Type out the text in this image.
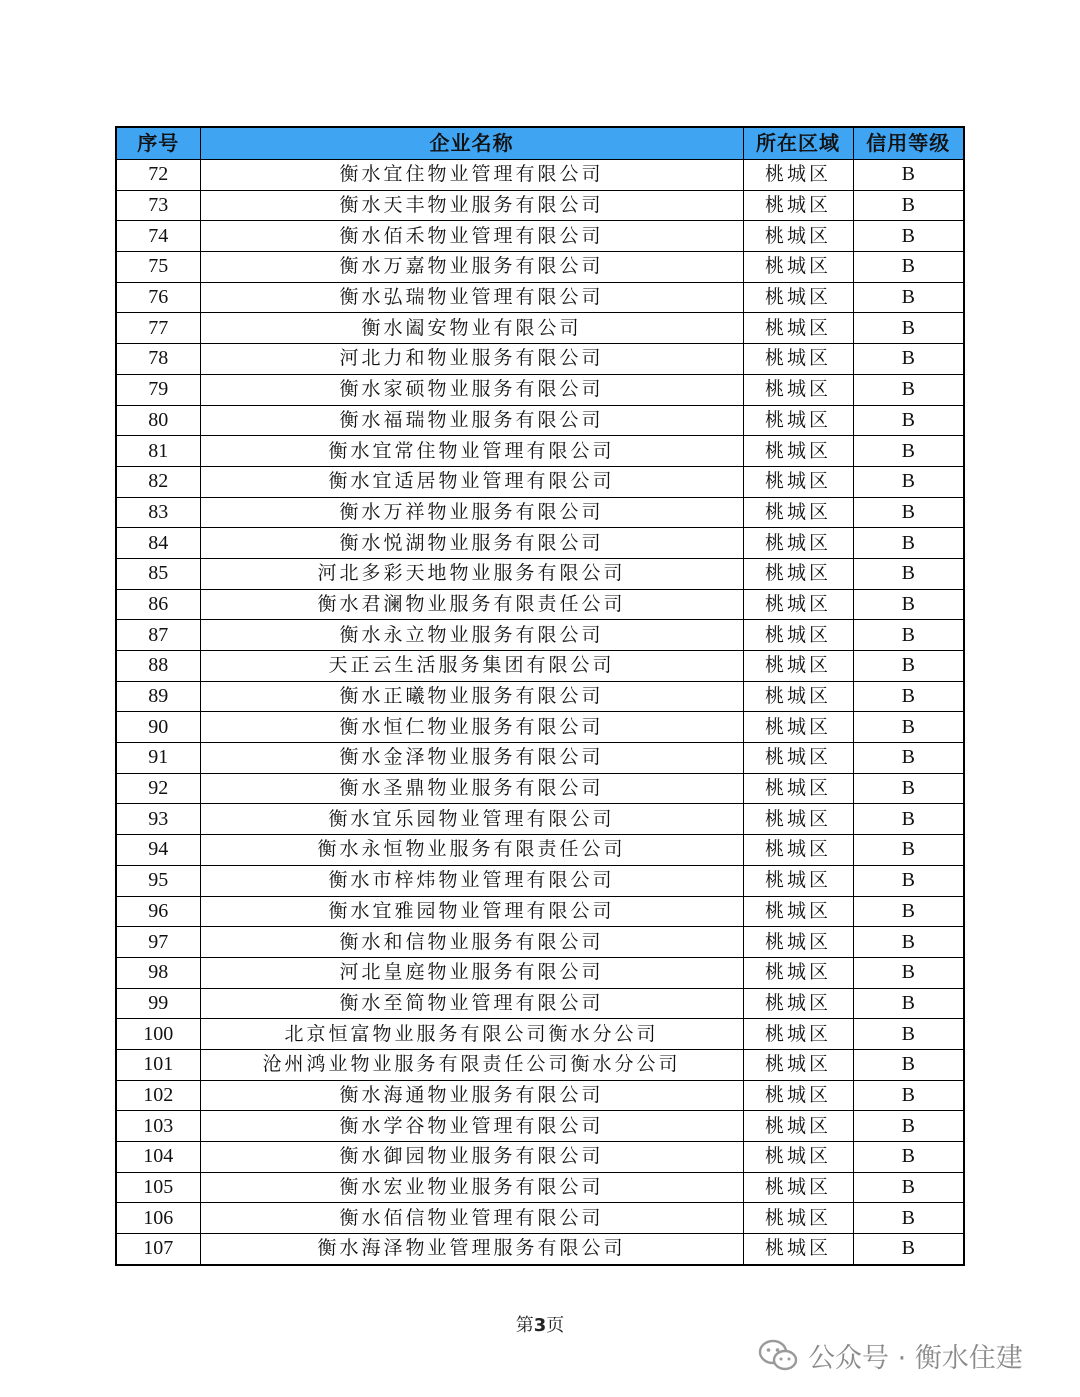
序号	企业名称	所在区域	信用等级
72	衡水宜住物业管理有限公司	桃城区	B
73	衡水天丰物业服务有限公司	桃城区	B
74	衡水佰禾物业管理有限公司	桃城区	B
75	衡水万嘉物业服务有限公司	桃城区	B
76	衡水弘瑞物业管理有限公司	桃城区	B
77	衡水阖安物业有限公司	桃城区	B
78	河北力和物业服务有限公司	桃城区	B
79	衡水家硕物业服务有限公司	桃城区	B
80	衡水福瑞物业服务有限公司	桃城区	B
81	衡水宜常住物业管理有限公司	桃城区	B
82	衡水宜适居物业管理有限公司	桃城区	B
83	衡水万祥物业服务有限公司	桃城区	B
84	衡水悦湖物业服务有限公司	桃城区	B
85	河北多彩天地物业服务有限公司	桃城区	B
86	衡水君澜物业服务有限责任公司	桃城区	B
87	衡水永立物业服务有限公司	桃城区	B
88	天正云生活服务集团有限公司	桃城区	B
89	衡水正曦物业服务有限公司	桃城区	B
90	衡水恒仁物业服务有限公司	桃城区	B
91	衡水金泽物业服务有限公司	桃城区	B
92	衡水圣鼎物业服务有限公司	桃城区	B
93	衡水宜乐园物业管理有限公司	桃城区	B
94	衡水永恒物业服务有限责任公司	桃城区	B
95	衡水市梓炜物业管理有限公司	桃城区	B
96	衡水宜雅园物业管理有限公司	桃城区	B
97	衡水和信物业服务有限公司	桃城区	B
98	河北皇庭物业服务有限公司	桃城区	B
99	衡水至简物业管理有限公司	桃城区	B
100	北京恒富物业服务有限公司衡水分公司	桃城区	B
101	沧州鸿业物业服务有限责任公司衡水分公司	桃城区	B
102	衡水海通物业服务有限公司	桃城区	B
103	衡水学谷物业管理有限公司	桃城区	B
104	衡水御园物业服务有限公司	桃城区	B
105	衡水宏业物业服务有限公司	桃城区	B
106	衡水佰信物业管理有限公司	桃城区	B
107	衡水海泽物业管理服务有限公司	桃城区	B
第3页
公众号 · 衡水住建
